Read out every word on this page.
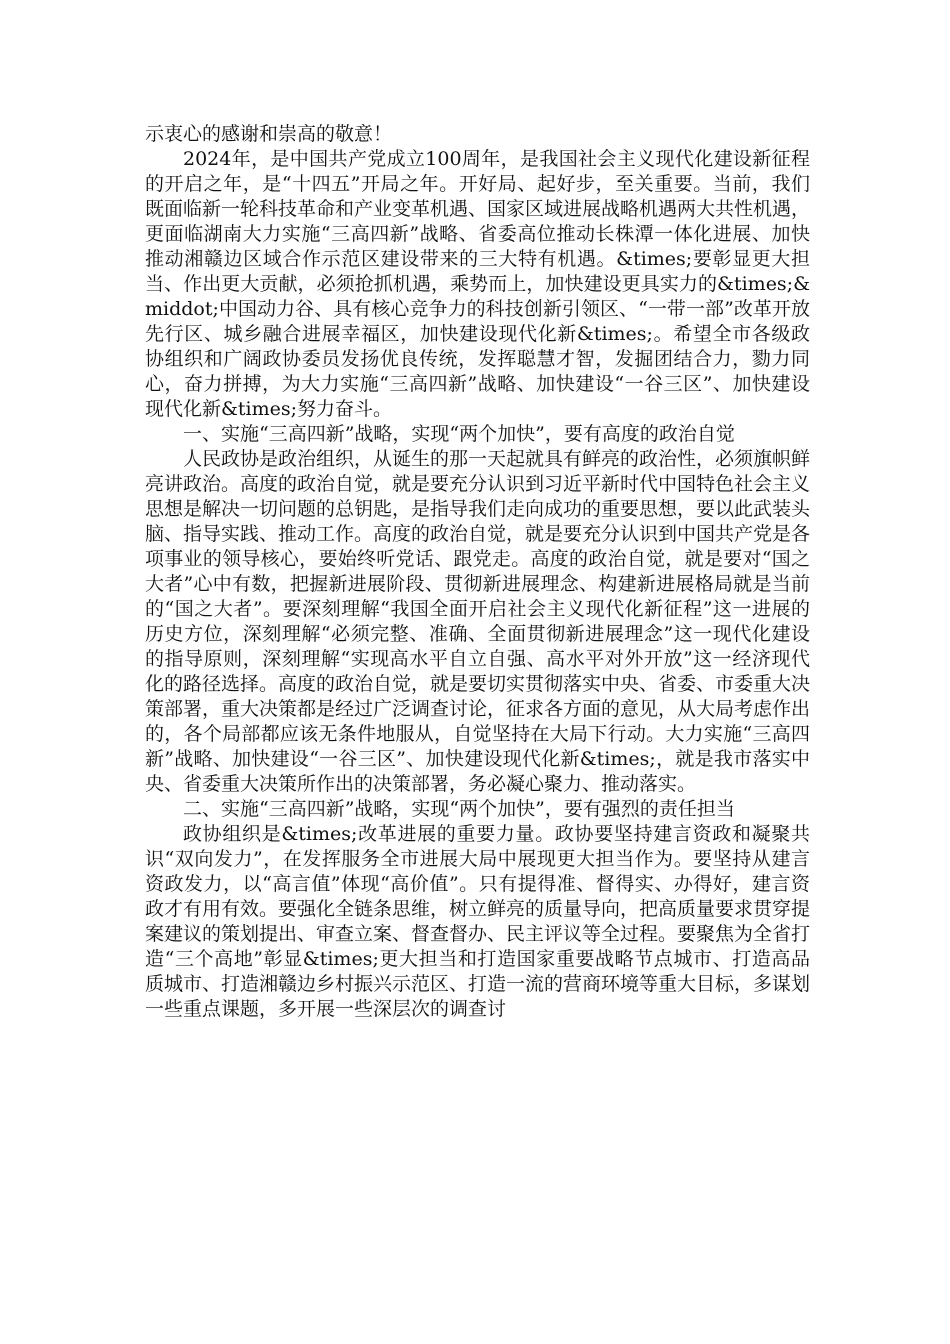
示衷心的感谢和崇高的敬意！

2024年，是中国共产党成立100周年，是我国社会主义现代化建设新征程的开启之年，是“十四五”开局之年。开好局、起好步，至关重要。当前，我们既面临新一轮科技革命和产业变革机遇、国家区域进展战略机遇两大共性机遇，更面临湖南大力实施“三高四新”战略、省委高位推动长株潭一体化进展、加快推动湘赣边区域合作示范区建设带来的三大特有机遇。&times;要彰显更大担当、作出更大贡献，必须抢抓机遇，乘势而上，加快建设更具实力的&times;&middot;中国动力谷、具有核心竞争力的科技创新引领区、“一带一部”改革开放先行区、城乡融合进展幸福区，加快建设现代化新&times;。希望全市各级政协组织和广阔政协委员发扬优良传统，发挥聪慧才智，发掘团结合力，勠力同心，奋力拼搏，为大力实施“三高四新”战略、加快建设“一谷三区”、加快建设现代化新&times;努力奋斗。

一、实施“三高四新”战略，实现“两个加快”，要有高度的政治自觉

人民政协是政治组织，从诞生的那一天起就具有鲜亮的政治性，必须旗帜鲜亮讲政治。高度的政治自觉，就是要充分认识到习近平新时代中国特色社会主义思想是解决一切问题的总钥匙，是指导我们走向成功的重要思想，要以此武装头脑、指导实践、推动工作。高度的政治自觉，就是要充分认识到中国共产党是各项事业的领导核心，要始终听党话、跟党走。高度的政治自觉，就是要对“国之大者”心中有数，把握新进展阶段、贯彻新进展理念、构建新进展格局就是当前的“国之大者”。要深刻理解“我国全面开启社会主义现代化新征程”这一进展的历史方位，深刻理解“必须完整、准确、全面贯彻新进展理念”这一现代化建设的指导原则，深刻理解“实现高水平自立自强、高水平对外开放”这一经济现代化的路径选择。高度的政治自觉，就是要切实贯彻落实中央、省委、市委重大决策部署，重大决策都是经过广泛调查讨论，征求各方面的意见，从大局考虑作出的，各个局部都应该无条件地服从，自觉坚持在大局下行动。大力实施“三高四新”战略、加快建设“一谷三区”、加快建设现代化新&times;，就是我市落实中央、省委重大决策所作出的决策部署，务必凝心聚力、推动落实。

二、实施“三高四新”战略，实现“两个加快”，要有强烈的责任担当

政协组织是&times;改革进展的重要力量。政协要坚持建言资政和凝聚共识“双向发力”，在发挥服务全市进展大局中展现更大担当作为。要坚持从建言资政发力，以“高言值”体现“高价值”。只有提得准、督得实、办得好，建言资政才有用有效。要强化全链条思维，树立鲜亮的质量导向，把高质量要求贯穿提案建议的策划提出、审查立案、督查督办、民主评议等全过程。要聚焦为全省打造“三个高地”彰显&times;更大担当和打造国家重要战略节点城市、打造高品质城市、打造湘赣边乡村振兴示范区、打造一流的营商环境等重大目标，多谋划一些重点课题，多开展一些深层次的调查讨
